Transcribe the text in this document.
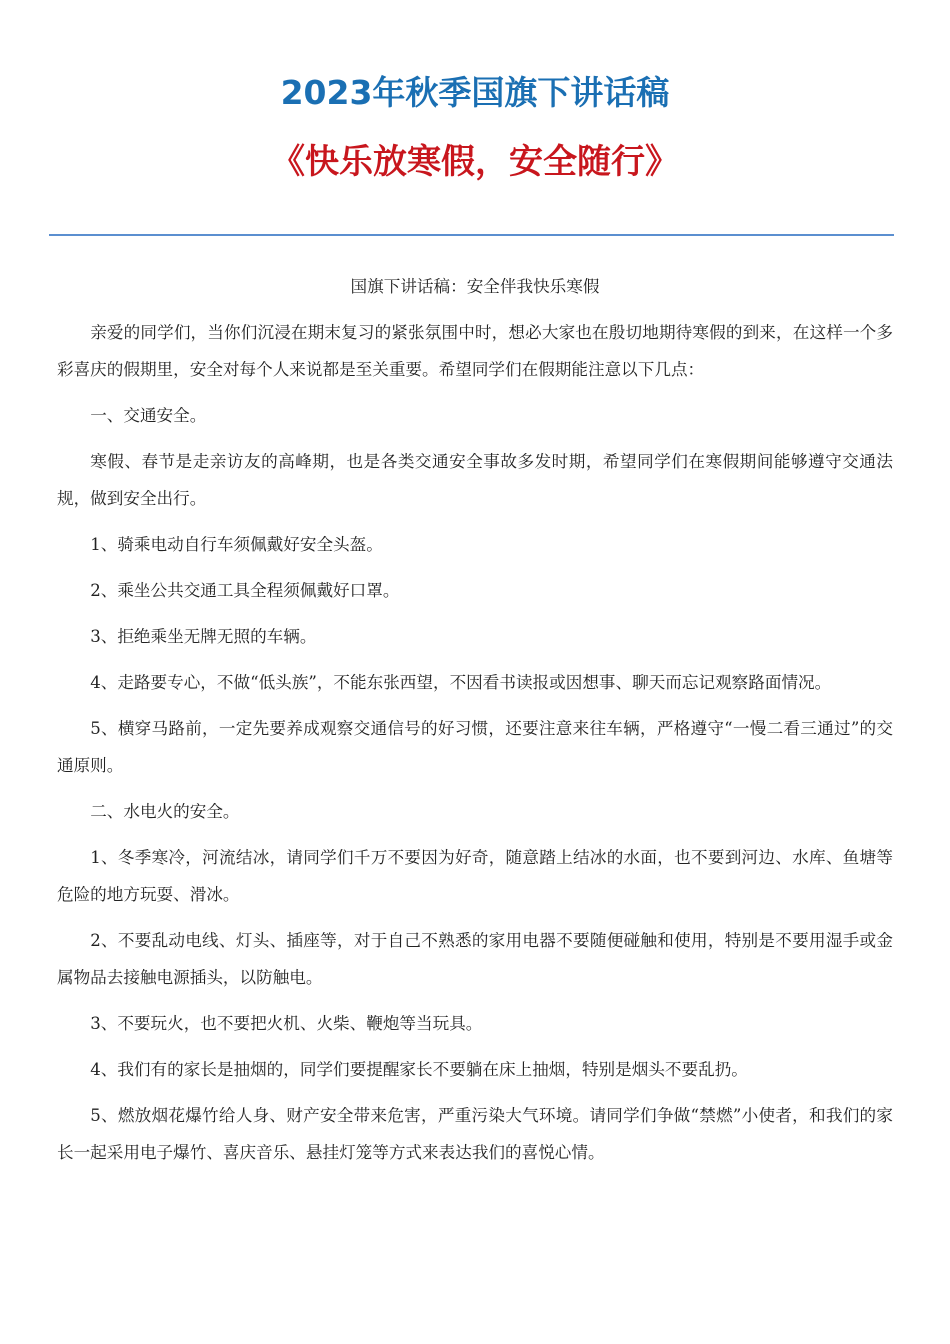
2023年秋季国旗下讲话稿
《快乐放寒假，安全随行》

国旗下讲话稿：安全伴我快乐寒假

亲爱的同学们，当你们沉浸在期末复习的紧张氛围中时，想必大家也在殷切地期待寒假的到来，在这样一个多彩喜庆的假期里，安全对每个人来说都是至关重要。希望同学们在假期能注意以下几点：

一、交通安全。

寒假、春节是走亲访友的高峰期，也是各类交通安全事故多发时期，希望同学们在寒假期间能够遵守交通法规，做到安全出行。

1、骑乘电动自行车须佩戴好安全头盔。

2、乘坐公共交通工具全程须佩戴好口罩。

3、拒绝乘坐无牌无照的车辆。

4、走路要专心，不做“低头族”，不能东张西望，不因看书读报或因想事、聊天而忘记观察路面情况。

5、横穿马路前，一定先要养成观察交通信号的好习惯，还要注意来往车辆，严格遵守“一慢二看三通过”的交通原则。

二、水电火的安全。

1、冬季寒冷，河流结冰，请同学们千万不要因为好奇，随意踏上结冰的水面，也不要到河边、水库、鱼塘等危险的地方玩耍、滑冰。

2、不要乱动电线、灯头、插座等，对于自己不熟悉的家用电器不要随便碰触和使用，特别是不要用湿手或金属物品去接触电源插头，以防触电。

3、不要玩火，也不要把火机、火柴、鞭炮等当玩具。

4、我们有的家长是抽烟的，同学们要提醒家长不要躺在床上抽烟，特别是烟头不要乱扔。

5、燃放烟花爆竹给人身、财产安全带来危害，严重污染大气环境。请同学们争做“禁燃”小使者，和我们的家长一起采用电子爆竹、喜庆音乐、悬挂灯笼等方式来表达我们的喜悦心情。
